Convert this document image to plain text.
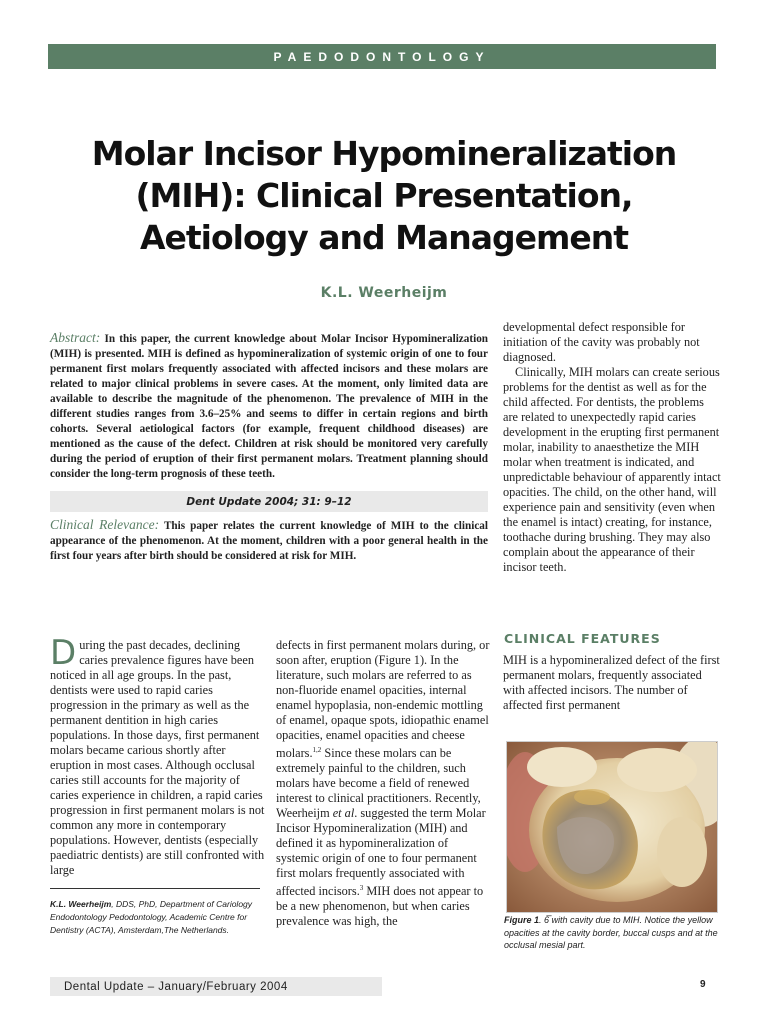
PAEDODONTOLOGY
Molar Incisor Hypomineralization
(MIH): Clinical Presentation,
Aetiology and Management
K.L. Weerheijm
Abstract: In this paper, the current knowledge about Molar Incisor Hypomineralization (MIH) is presented. MIH is defined as hypomineralization of systemic origin of one to four permanent first molars frequently associated with affected incisors and these molars are related to major clinical problems in severe cases. At the moment, only limited data are available to describe the magnitude of the phenomenon. The prevalence of MIH in the different studies ranges from 3.6–25% and seems to differ in certain regions and birth cohorts. Several aetiological factors (for example, frequent childhood diseases) are mentioned as the cause of the defect. Children at risk should be monitored very carefully during the period of eruption of their first permanent molars. Treatment planning should consider the long-term prognosis of these teeth.
Dent Update 2004; 31: 9–12
Clinical Relevance: This paper relates the current knowledge of MIH to the clinical appearance of the phenomenon. At the moment, children with a poor general health in the first four years after birth should be considered at risk for MIH.

developmental defect responsible for initiation of the cavity was probably not diagnosed.

Clinically, MIH molars can create serious problems for the dentist as well as for the child affected. For dentists, the problems are related to unexpectedly rapid caries development in the erupting first permanent molar, inability to anaesthetize the MIH molar when treatment is indicated, and unpredictable behaviour of apparently intact opacities. The child, on the other hand, will experience pain and sensitivity (even when the enamel is intact) creating, for instance, toothache during brushing. They may also complain about the appearance of their incisor teeth.

D uring the past decades, declining caries prevalence figures have been noticed in all age groups. In the past, dentists were used to rapid caries progression in the primary as well as the permanent dentition in high caries populations. In those days, first permanent molars became carious shortly after eruption in most cases. Although occlusal caries still accounts for the majority of caries experience in children, a rapid caries progression in first permanent molars is not common any more in contemporary populations. However, dentists (especially paediatric dentists) are still confronted with large
defects in first permanent molars during, or soon after, eruption (Figure 1). In the literature, such molars are referred to as non-fluoride enamel opacities, internal enamel hypoplasia, non-endemic mottling of enamel, opaque spots, idiopathic enamel opacities, enamel opacities and cheese molars.$^{1,2}$ Since these molars can be extremely painful to the children, such molars have become a field of renewed interest to clinical practitioners. Recently, Weerheijm et al. suggested the term Molar Incisor Hypomineralization (MIH) and defined it as hypomineralization of systemic origin of one to four permanent first molars frequently associated with affected incisors.$^3$ MIH does not appear to be a new phenomenon, but when caries prevalence was high, the
CLINICAL FEATURES

MIH is a hypomineralized defect of the first permanent molars, frequently associated with affected incisors. The number of affected first permanent

K.L. Weerheijm, DDS, PhD, Department of Cariology Endodontology Pedodontology, Academic Centre for Dentistry (ACTA), Amsterdam,The Netherlands.
Figure 1. 6̅ with cavity due to MIH. Notice the yellow opacities at the cavity border, buccal cusps and at the occlusal mesial part.
Dental Update – January/February 2004	9
